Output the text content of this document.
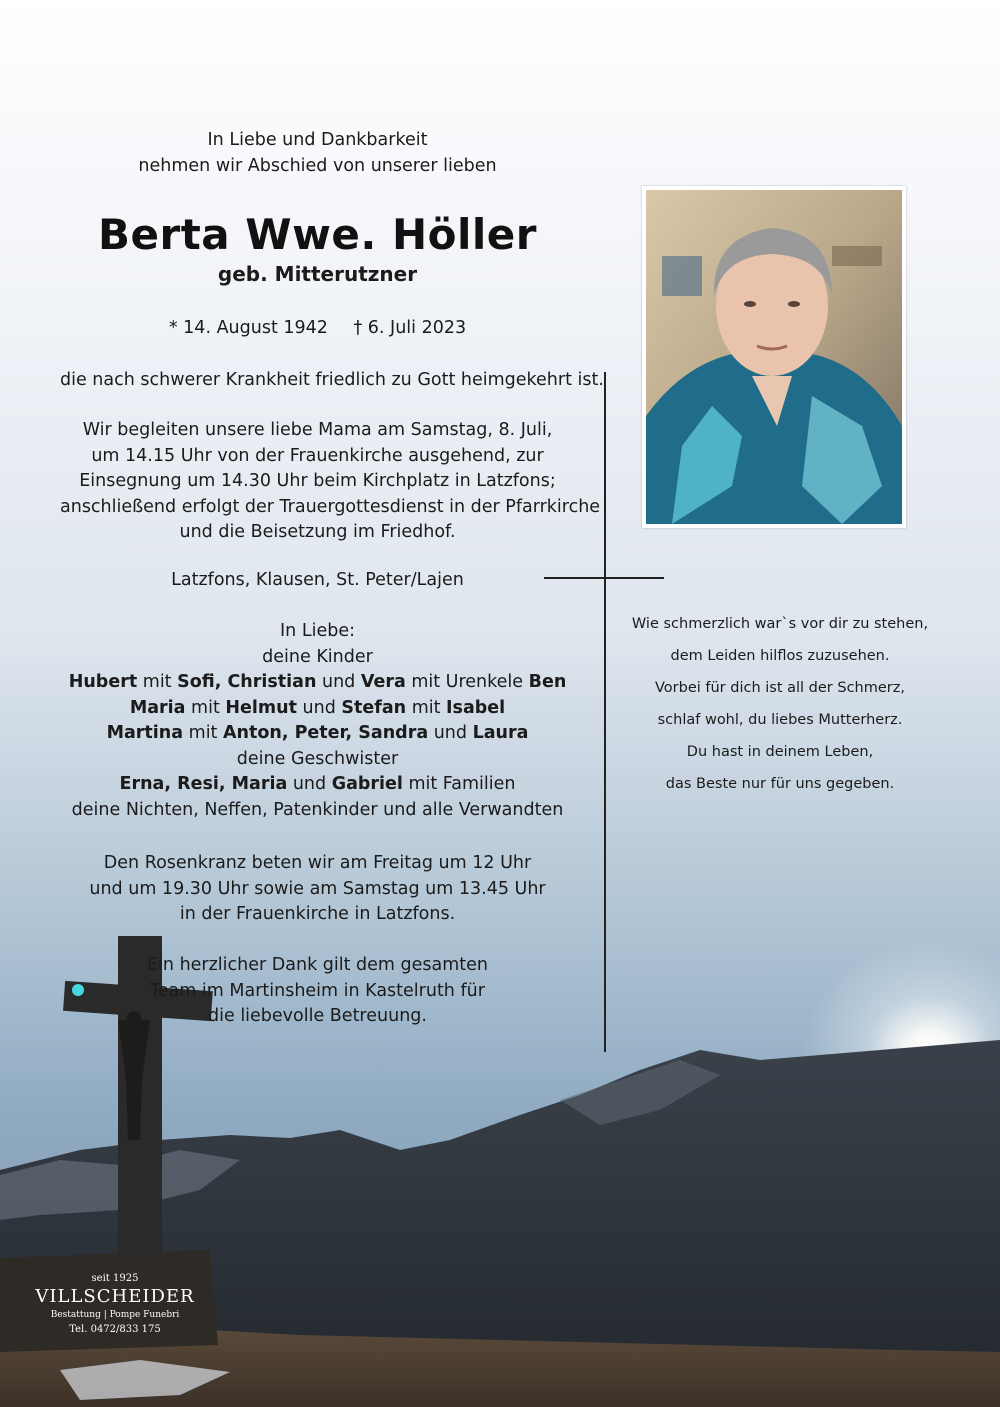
In Liebe und Dankbarkeit
nehmen wir Abschied von unserer lieben
Berta Wwe. Höller
geb. Mitterutzner
* 14. August 1942 † 6. Juli 2023
die nach schwerer Krankheit friedlich zu Gott heimgekehrt ist.
Wir begleiten unsere liebe Mama am Samstag, 8. Juli,
um 14.15 Uhr von der Frauenkirche ausgehend, zur
Einsegnung um 14.30 Uhr beim Kirchplatz in Latzfons;
anschließend erfolgt der Trauergottesdienst in der Pfarrkirche
und die Beisetzung im Friedhof.
Latzfons, Klausen, St. Peter/Lajen
In Liebe:
deine Kinder
Hubert mit Sofi, Christian und Vera mit Urenkele Ben
Maria mit Helmut und Stefan mit Isabel
Martina mit Anton, Peter, Sandra und Laura
deine Geschwister
Erna, Resi, Maria und Gabriel mit Familien
deine Nichten, Neffen, Patenkinder und alle Verwandten
Den Rosenkranz beten wir am Freitag um 12 Uhr
und um 19.30 Uhr sowie am Samstag um 13.45 Uhr
in der Frauenkirche in Latzfons.
Ein herzlicher Dank gilt dem gesamten
Team im Martinsheim in Kastelruth für
die liebevolle Betreuung.
Wie schmerzlich war`s vor dir zu stehen,
dem Leiden hilflos zuzusehen.
Vorbei für dich ist all der Schmerz,
schlaf wohl, du liebes Mutterherz.
Du hast in deinem Leben,
das Beste nur für uns gegeben.
seit 1925
VILLSCHEIDER
Bestattung | Pompe Funebri
Tel. 0472/833 175
